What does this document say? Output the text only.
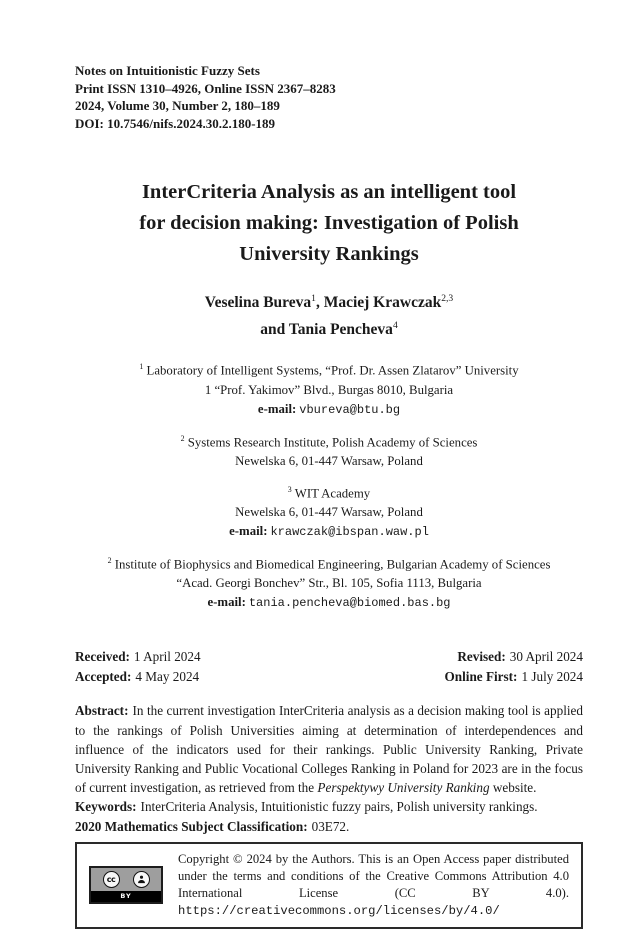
Notes on Intuitionistic Fuzzy Sets
Print ISSN 1310–4926, Online ISSN 2367–8283
2024, Volume 30, Number 2, 180–189
DOI: 10.7546/nifs.2024.30.2.180-189
InterCriteria Analysis as an intelligent tool
for decision making: Investigation of Polish
University Rankings
Veselina Bureva$^1$, Maciej Krawczak$^{2,3}$
and Tania Pencheva$^4$
$^1$ Laboratory of Intelligent Systems, “Prof. Dr. Assen Zlatarov” University
1 “Prof. Yakimov” Blvd., Burgas 8010, Bulgaria
e-mail: vbureva@btu.bg
$^2$ Systems Research Institute, Polish Academy of Sciences
Newelska 6, 01-447 Warsaw, Poland
$^3$ WIT Academy
Newelska 6, 01-447 Warsaw, Poland
e-mail: krawczak@ibspan.waw.pl
$^2$ Institute of Biophysics and Biomedical Engineering, Bulgarian Academy of Sciences
“Acad. Georgi Bonchev” Str., Bl. 105, Sofia 1113, Bulgaria
e-mail: tania.pencheva@biomed.bas.bg
Received: 1 April 2024
Accepted: 4 May 2024
Revised: 30 April 2024
Online First: 1 July 2024

Abstract: In the current investigation InterCriteria analysis as a decision making tool is applied to the rankings of Polish Universities aiming at determination of interdependences and influence of the indicators used for their rankings. Public University Ranking, Private University Ranking and Public Vocational Colleges Ranking in Poland for 2023 are in the focus of current investigation, as retrieved from the Perspektywy University Ranking website.

Keywords: InterCriteria Analysis, Intuitionistic fuzzy pairs, Polish university rankings.

2020 Mathematics Subject Classification: 03E72.

cc
BY
Copyright © 2024 by the Authors. This is an Open Access paper distributed under the terms and conditions of the Creative Commons Attribution 4.0 International License (CC BY 4.0). https://creativecommons.org/licenses/by/4.0/
